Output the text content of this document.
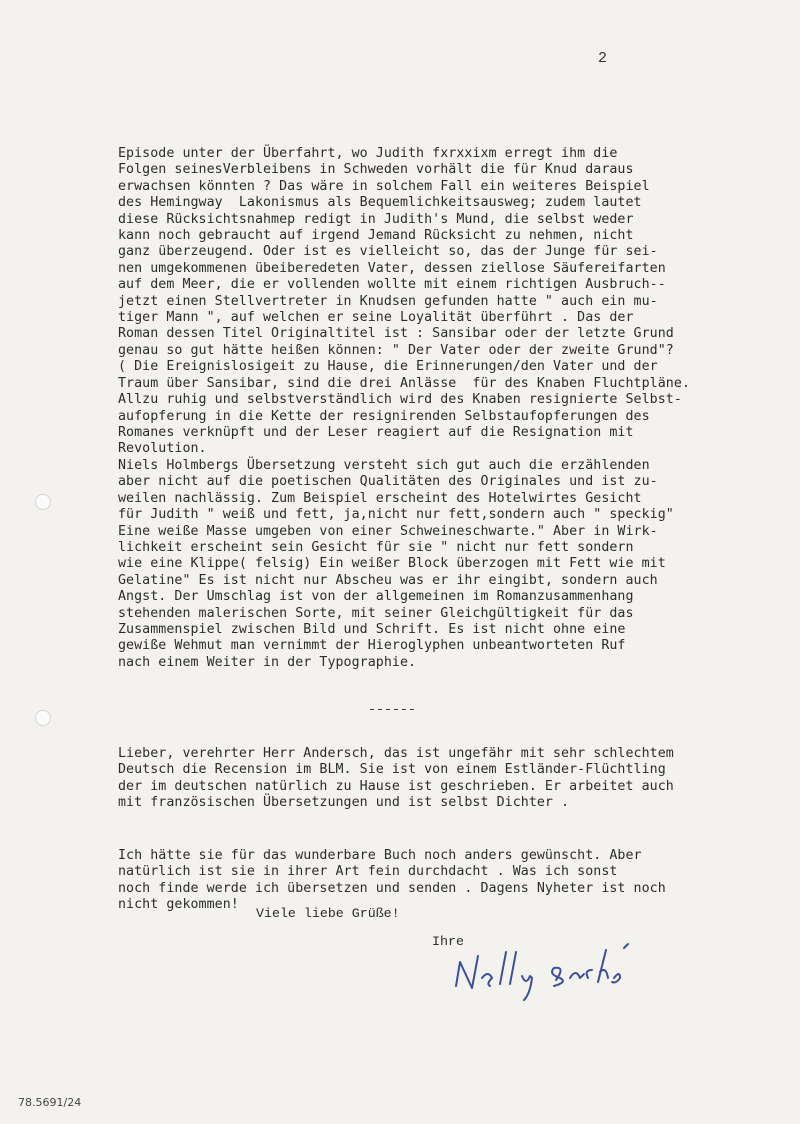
2
Episode unter der Überfahrt, wo Judith fxrxxixm erregt ihm die
Folgen seinesVerbleibens in Schweden vorhält die für Knud daraus
erwachsen könnten ? Das wäre in solchem Fall ein weiteres Beispiel
des Hemingway  Lakonismus als Bequemlichkeitsausweg; zudem lautet
diese Rücksichtsnahmep redigt in Judith's Mund, die selbst weder
kann noch gebraucht auf irgend Jemand Rücksicht zu nehmen, nicht
ganz überzeugend. Oder ist es vielleicht so, das der Junge für sei-
nen umgekommenen übeiberedeten Vater, dessen ziellose Säufereifarten
auf dem Meer, die er vollenden wollte mit einem richtigen Ausbruch--
jetzt einen Stellvertreter in Knudsen gefunden hatte " auch ein mu-
tiger Mann ", auf welchen er seine Loyalität überführt . Das der
Roman dessen Titel Originaltitel ist : Sansibar oder der letzte Grund
genau so gut hätte heißen können: " Der Vater oder der zweite Grund"?
( Die Ereignislosigeit zu Hause, die Erinnerungen/den Vater und der
Traum über Sansibar, sind die drei Anlässe  für des Knaben Fluchtpläne.
Allzu ruhig und selbstverständlich wird des Knaben resignierte Selbst-
aufopferung in die Kette der resignirenden Selbstaufopferungen des
Romanes verknüpft und der Leser reagiert auf die Resignation mit
Revolution.
Niels Holmbergs Übersetzung versteht sich gut auch die erzählenden
aber nicht auf die poetischen Qualitäten des Originales und ist zu-
weilen nachlässig. Zum Beispiel erscheint des Hotelwirtes Gesicht
für Judith " weiß und fett, ja,nicht nur fett,sondern auch " speckig"
Eine weiße Masse umgeben von einer Schweineschwarte." Aber in Wirk-
lichkeit erscheint sein Gesicht für sie " nicht nur fett sondern
wie eine Klippe( felsig) Ein weißer Block überzogen mit Fett wie mit
Gelatine" Es ist nicht nur Abscheu was er ihr eingibt, sondern auch
Angst. Der Umschlag ist von der allgemeinen im Romanzusammenhang
stehenden malerischen Sorte, mit seiner Gleichgültigkeit für das
Zusammenspiel zwischen Bild und Schrift. Es ist nicht ohne eine
gewiße Wehmut man vernimmt der Hieroglyphen unbeantworteten Ruf
nach einem Weiter in der Typographie.
------
Lieber, verehrter Herr Andersch, das ist ungefähr mit sehr schlechtem
Deutsch die Recension im BLM. Sie ist von einem Estländer-Flüchtling
der im deutschen natürlich zu Hause ist geschrieben. Er arbeitet auch
mit französischen Übersetzungen und ist selbst Dichter .
Ich hätte sie für das wunderbare Buch noch anders gewünscht. Aber
natürlich ist sie in ihrer Art fein durchdacht . Was ich sonst
noch finde werde ich übersetzen und senden . Dagens Nyheter ist noch
nicht gekommen!
Viele liebe Grüße!
Ihre
78.5691/24
